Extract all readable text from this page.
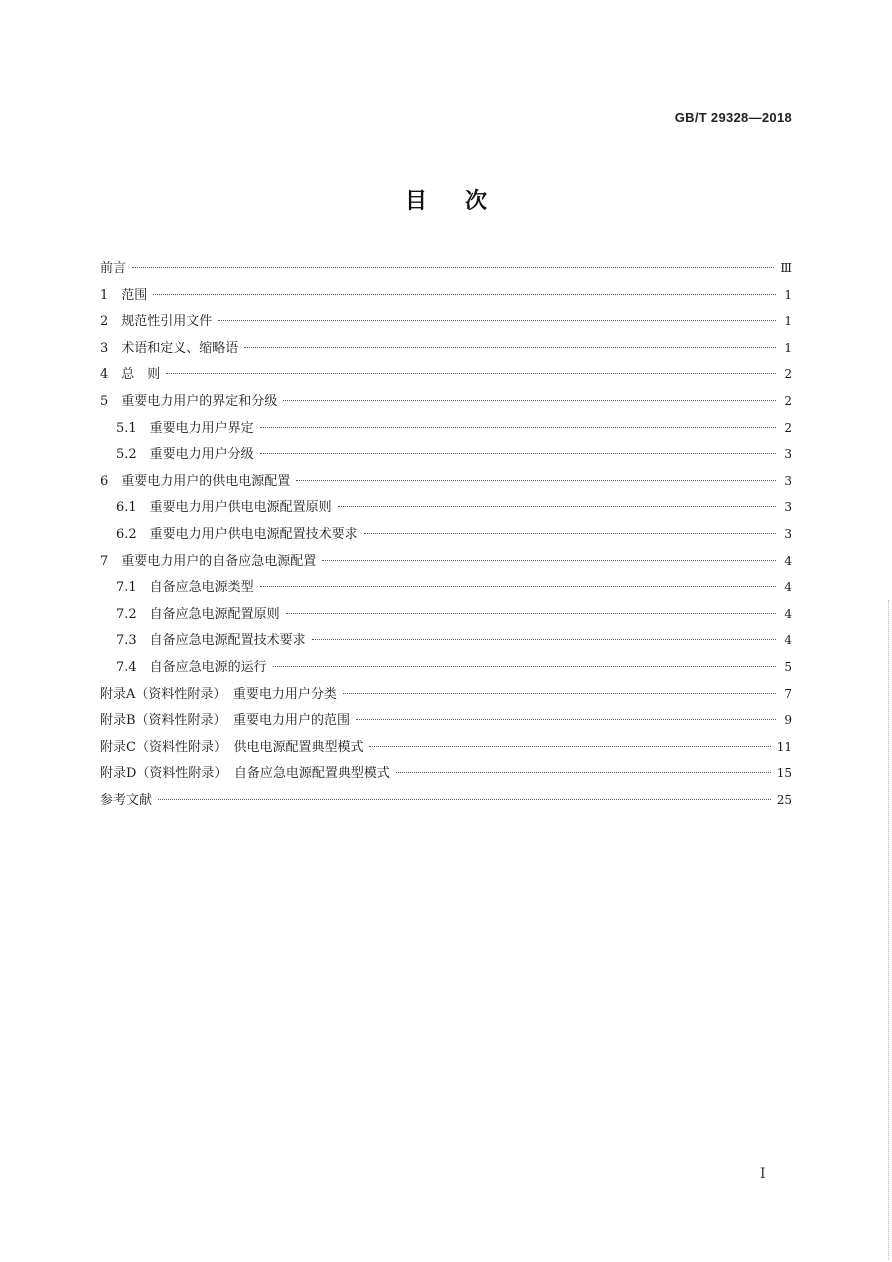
GB/T 29328—2018
目次
前言	Ⅲ
1　范围	1
2　规范性引用文件	1
3　术语和定义、缩略语	1
4　总　则	2
5　重要电力用户的界定和分级	2
5.1　重要电力用户界定	2
5.2　重要电力用户分级	3
6　重要电力用户的供电电源配置	3
6.1　重要电力用户供电电源配置原则	3
6.2　重要电力用户供电电源配置技术要求	3
7　重要电力用户的自备应急电源配置	4
7.1　自备应急电源类型	4
7.2　自备应急电源配置原则	4
7.3　自备应急电源配置技术要求	4
7.4　自备应急电源的运行	5
附录A（资料性附录）　重要电力用户分类	7
附录B（资料性附录）　重要电力用户的范围	9
附录C（资料性附录）　供电电源配置典型模式	11
附录D（资料性附录）　自备应急电源配置典型模式	15
参考文献	25
I
